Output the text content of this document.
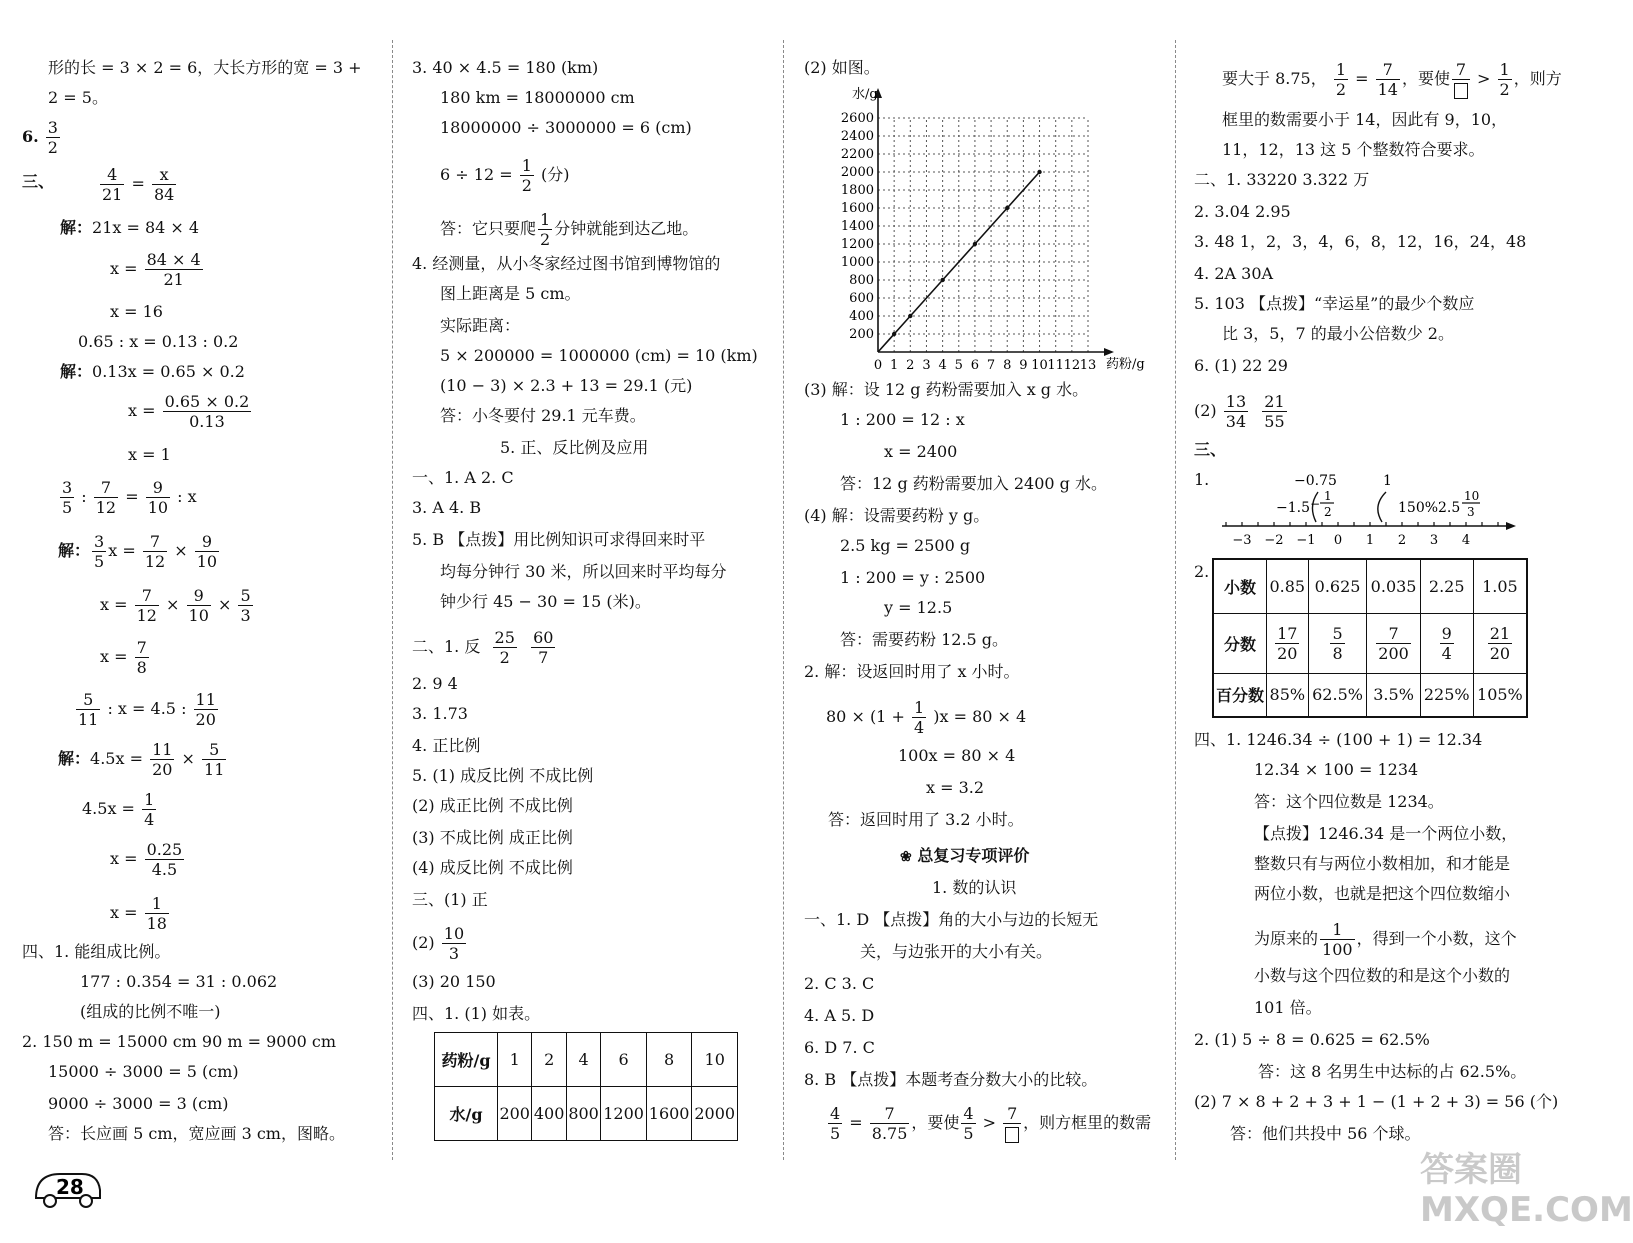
形的长 = 3 × 2 = 6，大长方形的宽 = 3 +
2 = 5。
6. $\frac{3}{2}$
三、	$\frac{4}{21} = \frac{x}{84}$
解：21x = 84 × 4
$x = \frac{84 \times 4}{21}$
x = 16
0.65 : x = 0.13 : 0.2
解：0.13x = 0.65 × 0.2
$x = \frac{0.65 \times 0.2}{0.13}$
x = 1
$\frac{3}{5}$ : $\frac{7}{12} = \frac{9}{10}$ : x
解： $\frac{3}{5}$ $x = \frac{7}{12} \times \frac{9}{10}$
$x = \frac{7}{12} \times \frac{9}{10} \times \frac{5}{3}$
$x = \frac{7}{8}$
$\frac{5}{11}$ : x = 4.5 : $\frac{11}{20}$
解：$4.5x = \frac{11}{20} \times \frac{5}{11}$
$4.5x = \frac{1}{4}$
$x = \frac{0.25}{4.5}$
$x = \frac{1}{18}$
四、1. 能组成比例。
177 : 0.354 = 31 : 0.062
(组成的比例不唯一)
2. 150 m = 15000 cm 90 m = 9000 cm
15000 ÷ 3000 = 5 (cm)
9000 ÷ 3000 = 3 (cm)
答：长应画 5 cm，宽应画 3 cm，图略。
3. 40 × 4.5 = 180 (km)
180 km = 18000000 cm
18000000 ÷ 3000000 = 6 (cm)
$6 \div 12 = \frac{1}{2}$ (分)
答：它只要爬 $\frac{1}{2}$ 分钟就能到达乙地。
4. 经测量，从小冬家经过图书馆到博物馆的
图上距离是 5 cm。
实际距离：
5 × 200000 = 1000000 (cm) = 10 (km)
(10 − 3) × 2.3 + 13 = 29.1 (元)
答：小冬要付 29.1 元车费。
5. 正、反比例及应用
一、1. A 2. C
3. A 4. B
5. B 【点拨】用比例知识可求得回来时平
均每分钟行 30 米，所以回来时平均每分
钟少行 45 − 30 = 15 (米)。
二、1. 反 $\frac{25}{2}$
$\frac{60}{7}$
2. 9 4
3. 1.73
4. 正比例
5. (1) 成反比例 不成比例
(2) 成正比例 不成比例
(3) 不成比例 成正比例
(4) 成反比例 不成比例
三、(1) 正
$(2) \frac{10}{3}$
(3) 20 150
四、1. (1) 如表。
药粉/g	1	2	4	6	8	10
水/g	200	400	800	1200	1600	2000
(2) 如图。
0 1 2 3 4 5 6 7 8 9 10 11 12 13
200
400
600
800
1000
1200
1400
1600
1800
2000
2200
2400
2600
水/g
药粉/g
(3) 解：设 12 g 药粉需要加入 x g 水。
1 : 200 = 12 : x
x = 2400
答：12 g 药粉需要加入 2400 g 水。
(4) 解：设需要药粉 y g。
2.5 kg = 2500 g
1 : 200 = y : 2500
y = 12.5
答：需要药粉 12.5 g。
2. 解：设返回时用了 x 小时。
$80 \times (1 + \frac{1}{4} )x = 80 \times 4$
100x = 80 × 4
x = 3.2
答：返回时用了 3.2 小时。
❀ 总复习专项评价
1. 数的认识
一、1. D 【点拨】角的大小与边的长短无
关，与边张开的大小有关。
2. C 3. C
4. A 5. D
6. D 7. C
8. B 【点拨】本题考查分数大小的比较。
$\frac{4}{5} = \frac{7}{8.75}$ ，要使 $\frac{4}{5} > 7$ ，则方框里的数需
要大于 8.75， $\frac{1}{2} = \frac{7}{14}$ ，要使 $7 > \frac{1}{2}$ ，则方
框里的数需要小于 14，因此有 9，10，
11，12，13 这 5 个整数符合要求。
二、1. 33220 3.322 万
2. 3.04 2.95
3. 48 1，2，3，4，6，8，12，16，24，48
4. 2A 30A
5. 103 【点拨】“幸运星”的最少个数应
比 3，5，7 的最小公倍数少 2。
6. (1) 22 29
$(2) \frac{13}{34}$
$\frac{21}{55}$
三、
1.
−3 −2 −1 0 1 2 3 4
−0.75	1
−1.5	150% 2.5
1
2
−
10
3
2.
小数	0.85	0.625	0.035	2.25	1.05
分数	$\frac{17}{20}$	$\frac{5}{8}$	$\frac{7}{200}$	$\frac{9}{4}$	$\frac{21}{20}$

百分数	85%	62.5%	3.5%	225%	105%
四、1. 1246.34 ÷ (100 + 1) = 12.34
12.34 × 100 = 1234
答：这个四位数是 1234。
【点拨】1246.34 是一个两位小数，
整数只有与两位小数相加，和才能是
两位小数，也就是把这个四位数缩小
为原来的 $\frac{1}{100}$ ，得到一个小数，这个
小数与这个四位数的和是这个小数的
101 倍。
2. (1) 5 ÷ 8 = 0.625 = 62.5%
答：这 8 名男生中达标的占 62.5%。
(2) 7 × 8 + 2 + 3 + 1 − (1 + 2 + 3) = 56 (个)
答：他们共投中 56 个球。
28	答案圈 MXQE.COM
